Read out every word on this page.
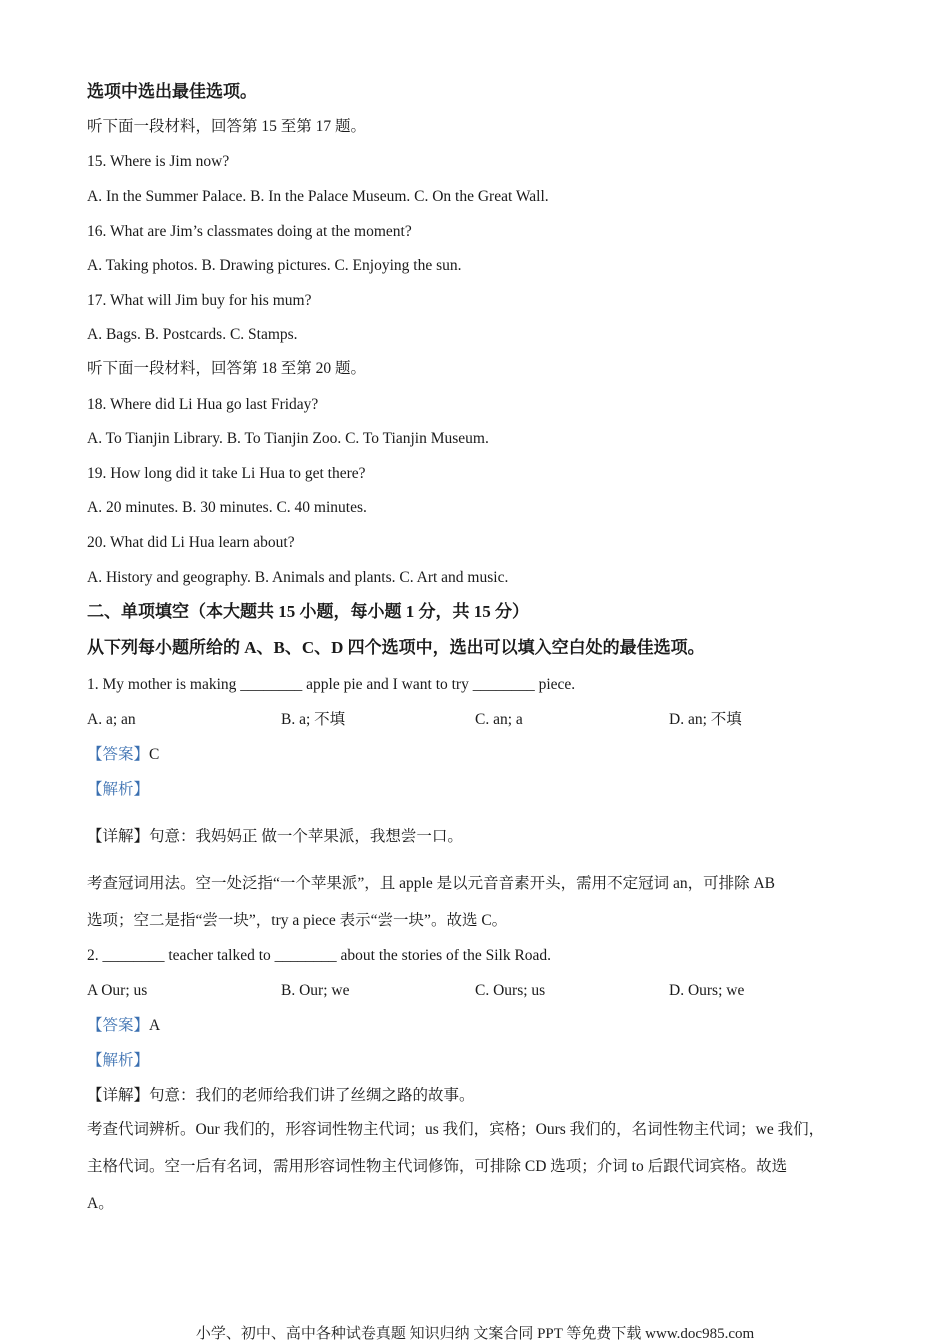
选项中选出最佳选项。
听下面一段材料，回答第 15 至第 17 题。
15. Where is Jim now?
A. In the Summer Palace. B. In the Palace Museum. C. On the Great Wall.
16. What are Jim’s classmates doing at the moment?
A. Taking photos. B. Drawing pictures. C. Enjoying the sun.
17. What will Jim buy for his mum?
A. Bags. B. Postcards. C. Stamps.
听下面一段材料，回答第 18 至第 20 题。
18. Where did Li Hua go last Friday?
A. To Tianjin Library. B. To Tianjin Zoo. C. To Tianjin Museum.
19. How long did it take Li Hua to get there?
A. 20 minutes. B. 30 minutes. C. 40 minutes.
20. What did Li Hua learn about?
A. History and geography. B. Animals and plants. C. Art and music.
二、单项填空（本大题共 15 小题，每小题 1 分，共 15 分）
从下列每小题所给的 A、B、C、D 四个选项中，选出可以填入空白处的最佳选项。
1. My mother is making ________ apple pie and I want to try ________ piece.
A. a; an	B. a; 不填	C. an; a	D. an; 不填
【答案】C
【解析】
【详解】句意：我妈妈正 做一个苹果派，我想尝一口。
考查冠词用法。空一处泛指“一个苹果派”，且 apple 是以元音音素开头，需用不定冠词 an，可排除 AB
选项；空二是指“尝一块”，try a piece 表示“尝一块”。故选 C。
2. ________ teacher talked to ________ about the stories of the Silk Road.
A Our; us	B. Our; we	C. Ours; us	D. Ours; we
【答案】A
【解析】
【详解】句意：我们的老师给我们讲了丝绸之路的故事。
考查代词辨析。Our 我们的，形容词性物主代词；us 我们，宾格；Ours 我们的，名词性物主代词；we 我们，
主格代词。空一后有名词，需用形容词性物主代词修饰，可排除 CD 选项；介词 to 后跟代词宾格。故选
A。
小学、初中、高中各种试卷真题 知识归纳 文案合同 PPT 等免费下载 www.doc985.com
